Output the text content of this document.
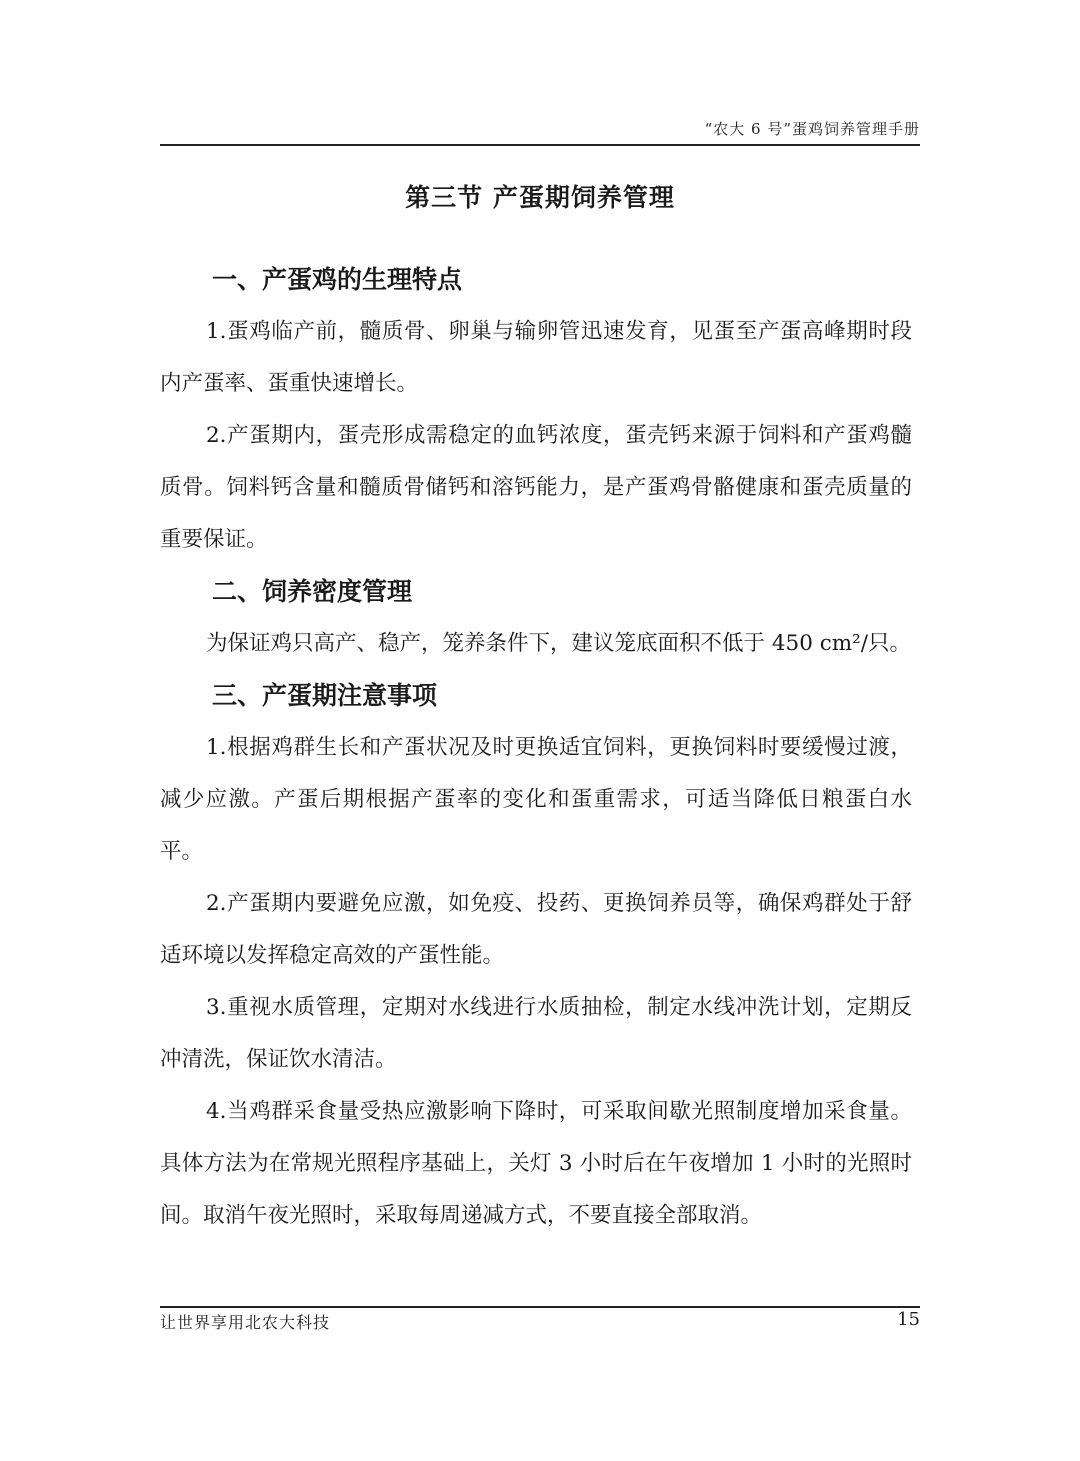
“农大 6 号”蛋鸡饲养管理手册
第三节 产蛋期饲养管理
一、产蛋鸡的生理特点

1.蛋鸡临产前，髓质骨、卵巢与输卵管迅速发育，见蛋至产蛋高峰期时段内产蛋率、蛋重快速增长。

2.产蛋期内，蛋壳形成需稳定的血钙浓度，蛋壳钙来源于饲料和产蛋鸡髓质骨。饲料钙含量和髓质骨储钙和溶钙能力，是产蛋鸡骨骼健康和蛋壳质量的重要保证。

二、饲养密度管理

为保证鸡只高产、稳产，笼养条件下，建议笼底面积不低于 450 cm²/只。

三、产蛋期注意事项

1.根据鸡群生长和产蛋状况及时更换适宜饲料，更换饲料时要缓慢过渡，减少应激。产蛋后期根据产蛋率的变化和蛋重需求，可适当降低日粮蛋白水平。

2.产蛋期内要避免应激，如免疫、投药、更换饲养员等，确保鸡群处于舒适环境以发挥稳定高效的产蛋性能。

3.重视水质管理，定期对水线进行水质抽检，制定水线冲洗计划，定期反冲清洗，保证饮水清洁。

4.当鸡群采食量受热应激影响下降时，可采取间歇光照制度增加采食量。具体方法为在常规光照程序基础上，关灯 3 小时后在午夜增加 1 小时的光照时间。取消午夜光照时，采取每周递减方式，不要直接全部取消。

让世界享用北农大科技	15
